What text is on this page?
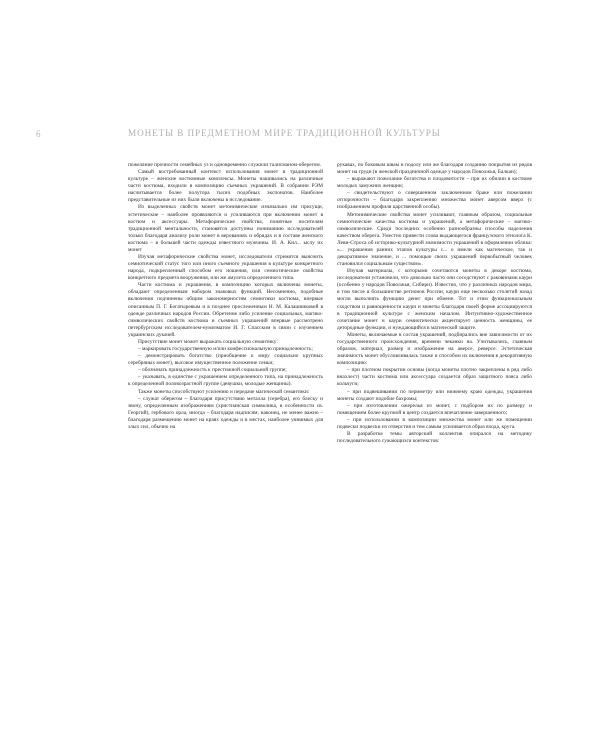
6	МОНЕТЫ В ПРЕДМЕТНОМ МИРЕ ТРАДИЦИОННОЙ КУЛЬТУРЫ

пожелание прочности семейных уз и одновременно служили талисманом-оберегом.

Самый востребованный контекст использования монет в традиционной культуре – женские костюмные комплексы. Монеты нашивались на различные части костюма, входили в композицию съемных украшений. В собрании РЭМ насчитывается более полутора тысяч подобных экспонатов. Наиболее представительные из них были включены в исследование.

Из выделенных свойств монет метонимические изначально им присущи, эстетические – наиболее проявляются и усиливаются при включении монет в костюм и аксессуары. Метафорические свойства, понятные носителям традиционной ментальности, становятся доступны пониманию исследователей только благодаря анализу роли монет в верованиях и обрядах и в составе женского костюма – в большей части одежды известного мужчины. И. А. Кил... ыслу их монет

Изучая метафорические свойства монет, исследователи стремятся выяснить семиотический статус того или иного съемного украшения в культуре конкретного народа, подкрепленный способом его ношения, или семиотические свойства конкретного предмета вооружения, или же амулета определенного типа.

Части костюма и украшения, в композицию которых включены монеты, обладают определенным набором знаковых функций. Несомненно, подобные включения подчинены общим закономерностям семиотики костюма, впервые описанным П. Г. Богатыревым и в позднее прослеженным Н. М. Калашниковой в одежде различных народов России. Обретение либо усиление социальных, магико-символических свойств костюма и съемных украшений впервые рассмотрено петербургским исследователем-нумизматом И. Г. Спасским в связи с изучением украинских дукачей.

Присутствие монет может выражать социальную семантику:

– маркировать государственную и/или конфессиональную принадлежность;

– демонстрировать богатство (приобщение к миру социально крупных серебряных монет), высокое имущественное положение семьи;

– обозначать принадлежность к престижной социальной группе;

– указывать, в единстве с украшением определенного типа, на принадлежность к определенной половозрастной группе (девушки, молодые женщины).

Также монеты способствуют усилению и передаче магической семантики:

– служат оберегом – благодаря присутствию металла (серебра), его блеску и звону, определенным изображениям (христианская символика, в особенности св. Георгий), гербового орла, иногда – благодаря надписям; наконец, не менее важно – благодаря размещению монет на краях одежды и в местах, наиболее уязвимых для злых сил, обычно на

рукавах, по боковым швам и подолу или же благодаря созданию покрытия из рядов монет на груди (в женской праздничной одежде у народов Поволжья, Балкан);

– выражают пожелание богатства и плодовитости – при их обилии в костюме молодых замужних женщин;

– свидетельствуют о совершенном заключенном браке или пожелании отпорочности – благодаря закреплению множества монет аверсом вверх (с изображением профиля царственной особы).

Метонимические свойства монет усиливают, главным образом, социальные семиотические качества костюма и украшений, а метафорические – магико-символические. Среди последних особенно разнообразны способы наделения качеством оберега. Уместно привести слова выдающегося французского этнолога К. Леви-Строса об историко-культурной значимости украшений в оформлении облика: «... украшения ранних этапов культуры с... о имели как магическое, так и декоративное значение, и ... помощью своих украшений первобытный человек становился социальным существом».

Изучая материалы, с которыми сочетаются монеты в декоре костюма, исследователи установили, что довольно часто они соседствуют с раковинами каури (особенно у народов Поволжья, Сибири). Известно, что у различных народов мира, в том числе в большинстве регионов России, каури еще несколько столетий назад могли выполнять функцию денег при обмене. Тот и этим функциональным сходством и равноценности каури и монеты благодаря своей форме ассоциируются в традиционной культуре с женским началом. Интуитивно-художественное сочетание монет и каури семиотически акцентирует ценность женщины, ее детородные функции, и нуждающийся в магической защите.

Монеты, включаемые в состав украшений, подбирались вне зависимости от их государственного происхождения, времени чеканки на. Учитывались, главным образом, материал, размер и изображение на аверсе, реверсе. Эстетическая значимость монет обусловливалась также и способом их включения в декоративную композицию:

– при плотном покрытии основы (когда монеты плотно закреплены в ряд либо внахлест) части костюма или аксессуара создается образ защитного пояса либо кольчуги;

– при подвешивании по периметру или нижнему краю одежды, украшения монеты создают подобие бахромы;

– при изготовлении ожерелья из монет, с подбором их по размеру и помещением более крупной в центр создается впечатление завершенного;

– при использовании в композиции множества монет или же помещении подвески подвески из отверстия и тем самым усиливается образ входа, круга.

В разработке темы авторский коллектив опирался на методику последовательного сужающихся контекстов:
